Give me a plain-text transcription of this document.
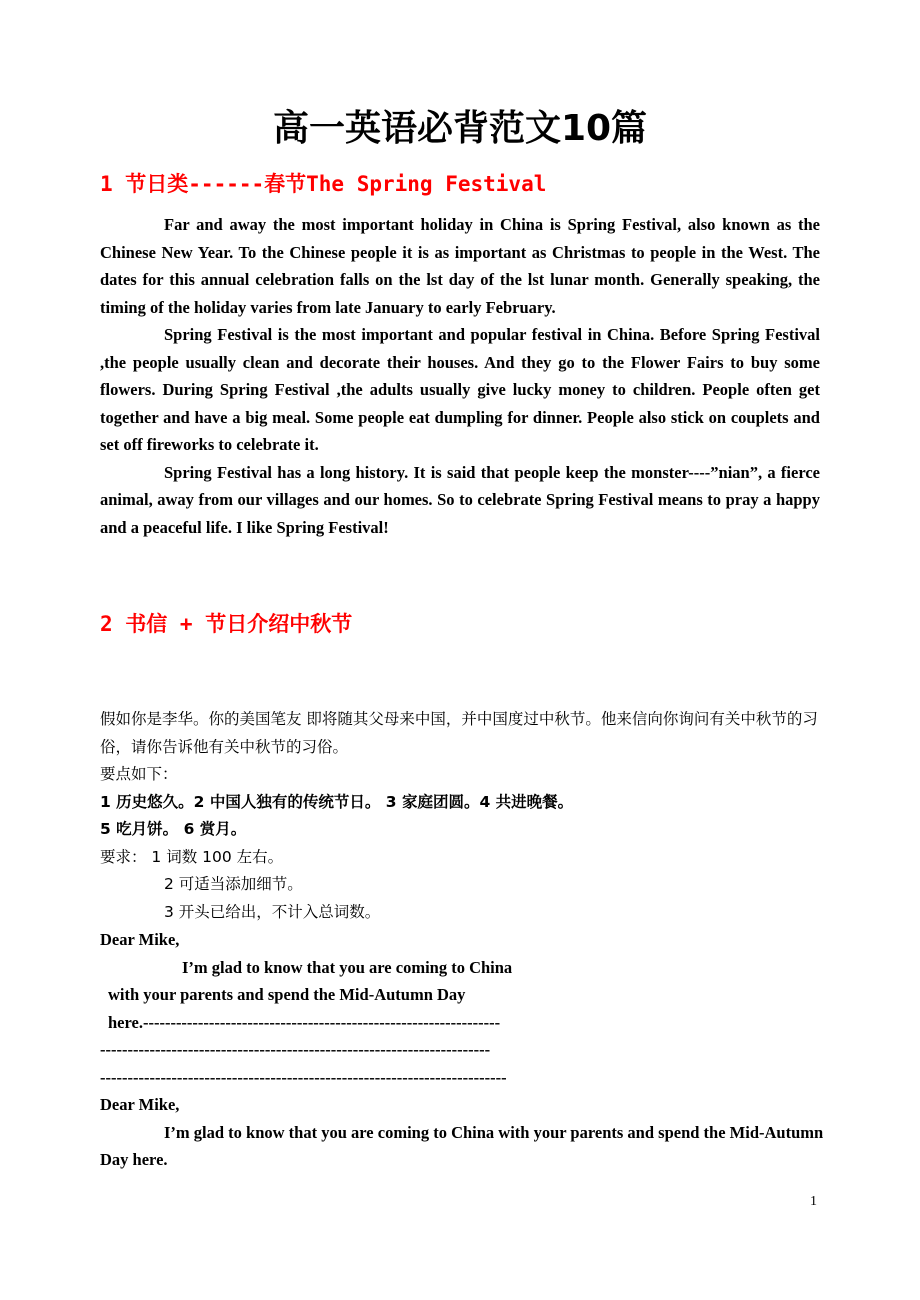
高一英语必背范文10篇
1 节日类------春节The Spring Festival

Far and away the most important holiday in China is Spring Festival, also known as the Chinese New Year. To the Chinese people it is as important as Christmas to people in the West. The dates for this annual celebration falls on the lst day of the lst lunar month. Generally speaking, the timing of the holiday varies from late January to early February.

Spring Festival is the most important and popular festival in China. Before Spring Festival ,the people usually clean and decorate their houses. And they go to the Flower Fairs to buy some flowers. During Spring Festival ,the adults usually give lucky money to children. People often get together and have a big meal. Some people eat dumpling for dinner. People also stick on couplets and set off fireworks to celebrate it.

Spring Festival has a long history. It is said that people keep the monster----”nian”, a fierce animal, away from our villages and our homes. So to celebrate Spring Festival means to pray a happy and a peaceful life. I like Spring Festival!

2 书信 + 节日介绍中秋节
假如你是李华。你的美国笔友 即将随其父母来中国，并中国度过中秋节。他来信向你询问有关中秋节的习俗，请你告诉他有关中秋节的习俗。
要点如下：
1 历史悠久。2 中国人独有的传统节日。 3 家庭团圆。4 共进晚餐。
5 吃月饼。 6 赏月。
要求： 1 词数 100 左右。
2 可适当添加细节。
3 开头已给出，不计入总词数。
Dear Mike,
I’m glad to know that you are coming to China
with your parents and spend the Mid-Autumn Day
here.-----------------------------------------------------------------
-----------------------------------------------------------------------
--------------------------------------------------------------------------
Dear Mike,
I’m glad to know that you are coming to China with your parents and spend the Mid-Autumn Day here.
1
